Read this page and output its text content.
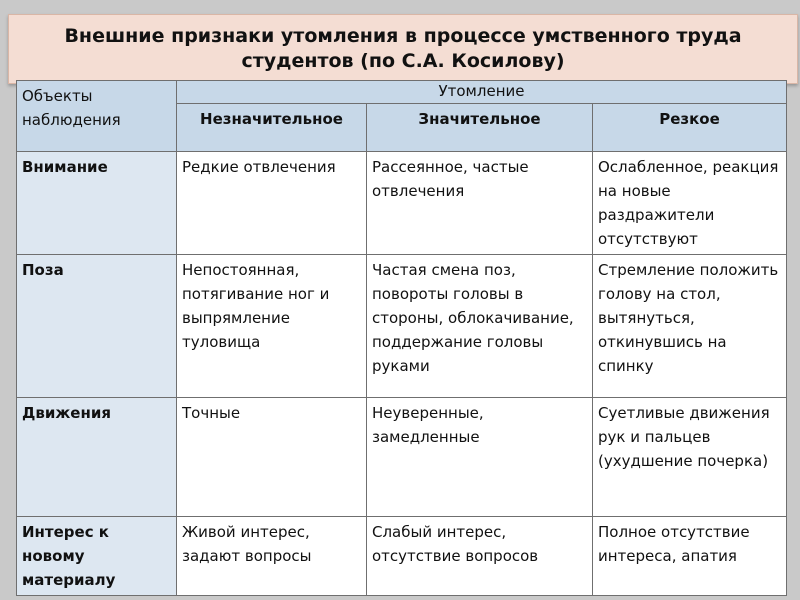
Внешние признаки утомления в процессе умственного труда
студентов (по С.А. Косилову)
Объекты наблюдения	Утомление		
	Незначительное	Значительное	Резкое
Внимание	Редкие отвлечения	Рассеянное, частые отвлечения	Ослабленное, реакция на новые раздражители отсутствуют
Поза	Непостоянная, потягивание ног и выпрямление туловища	Частая смена поз, повороты головы в стороны, облокачивание, поддержание головы руками	Стремление положить голову на стол, вытянуться, откинувшись на спинку
Движения	Точные	Неуверенные, замедленные	Суетливые движения рук и пальцев (ухудшение почерка)
Интерес к новому материалу	Живой интерес, задают вопросы	Слабый интерес, отсутствие вопросов	Полное отсутствие интереса, апатия
